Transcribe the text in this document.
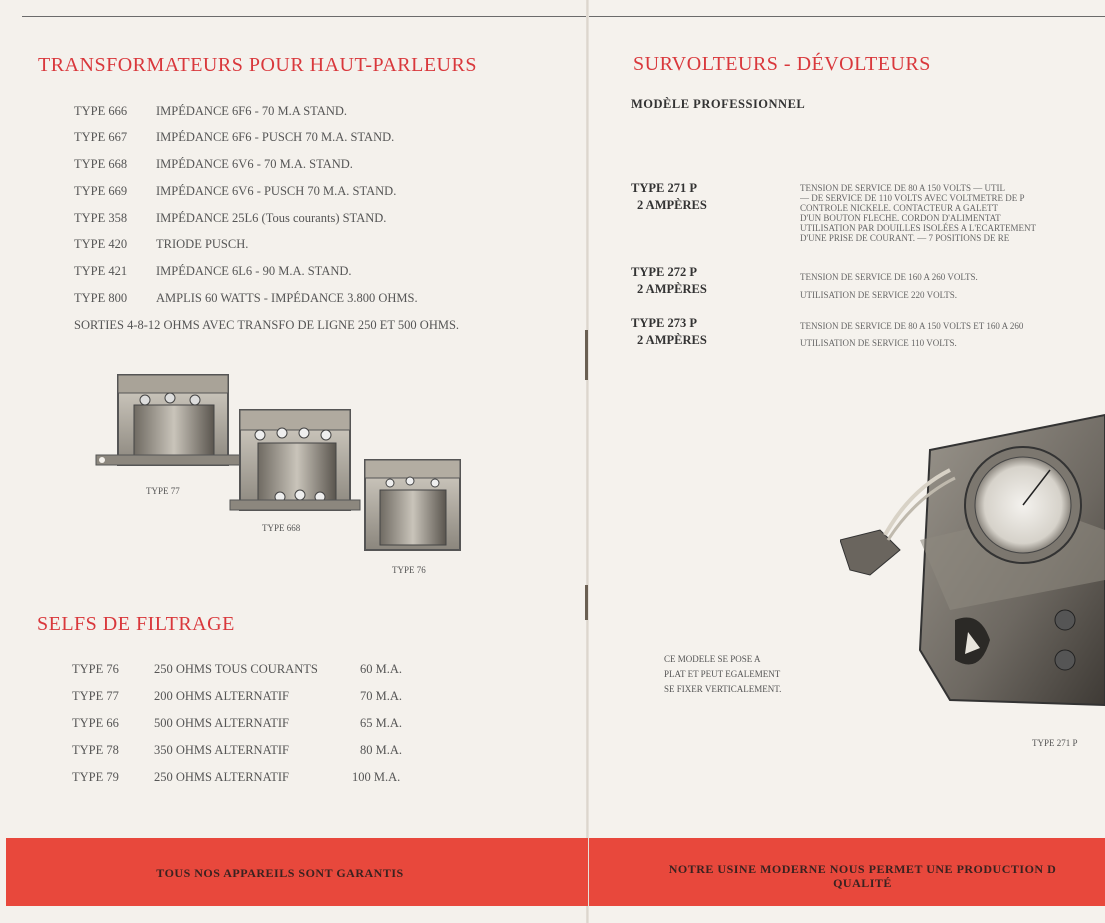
TRANSFORMATEURS POUR HAUT-PARLEURS
TYPE 666 IMPÉDANCE 6F6 - 70 M.A STAND.
TYPE 667 IMPÉDANCE 6F6 - PUSCH 70 M.A. STAND.
TYPE 668 IMPÉDANCE 6V6 - 70 M.A. STAND.
TYPE 669 IMPÉDANCE 6V6 - PUSCH 70 M.A. STAND.
TYPE 358 IMPÉDANCE 25L6 (Tous courants) STAND.
TYPE 420 TRIODE PUSCH.
TYPE 421 IMPÉDANCE 6L6 - 90 M.A. STAND.
TYPE 800 AMPLIS 60 WATTS - IMPÉDANCE 3.800 OHMS.
SORTIES 4-8-12 OHMS AVEC TRANSFO DE LIGNE 250 ET 500 OHMS.
TYPE 77
TYPE 668
TYPE 76
SELFS DE FILTRAGE
TYPE 76	250 OHMS TOUS COURANTS	60 M.A.
TYPE 77	200 OHMS ALTERNATIF	70 M.A.
TYPE 66	500 OHMS ALTERNATIF	65 M.A.
TYPE 78	350 OHMS ALTERNATIF	80 M.A.
TYPE 79	250 OHMS ALTERNATIF	100 M.A.
TOUS NOS APPAREILS SONT GARANTIS
SURVOLTEURS - DÉVOLTEURS
MODÈLE PROFESSIONNEL
TYPE 271 P
2 AMPÈRES
TENSION DE SERVICE DE 80 A 150 VOLTS — UTIL
— DE SERVICE DE 110 VOLTS AVEC VOLTMETRE DE P
CONTROLE NICKELE. CONTACTEUR A GALETT
D'UN BOUTON FLECHE. CORDON D'ALIMENTAT
UTILISATION PAR DOUILLES ISOLÉES A L'ECARTEMENT
D'UNE PRISE DE COURANT. — 7 POSITIONS DE RE
TYPE 272 P
2 AMPÈRES
TENSION DE SERVICE DE 160 A 260 VOLTS.
UTILISATION DE SERVICE 220 VOLTS.
TYPE 273 P
2 AMPÈRES
TENSION DE SERVICE DE 80 A 150 VOLTS ET 160 A 260
UTILISATION DE SERVICE 110 VOLTS.
CE MODELE SE POSE A
PLAT ET PEUT EGALEMENT
SE FIXER VERTICALEMENT.
TYPE 271 P
NOTRE USINE MODERNE NOUS PERMET UNE PRODUCTION D
QUALITÉ
